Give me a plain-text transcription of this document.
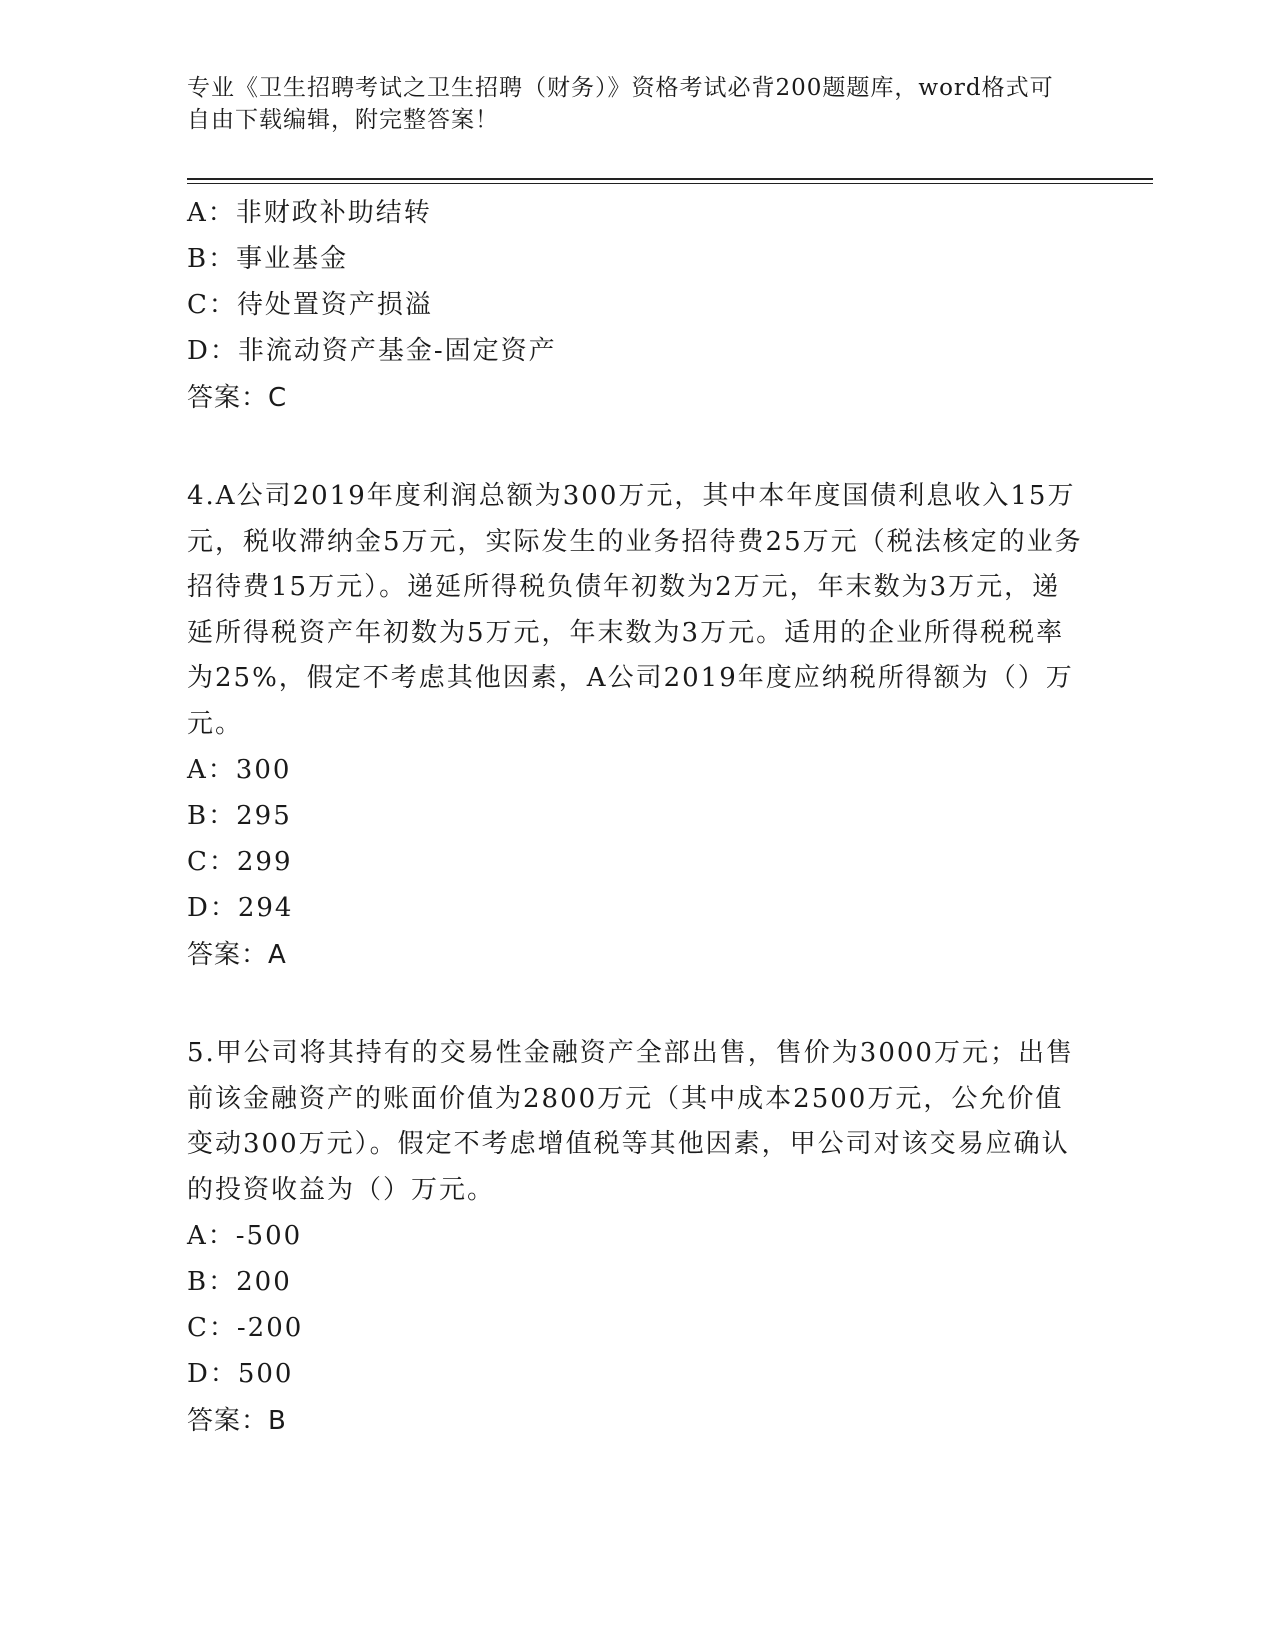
专业《卫生招聘考试之卫生招聘（财务）》资格考试必背200题题库，word格式可自由下载编辑，附完整答案！
A：非财政补助结转
B：事业基金
C：待处置资产损溢
D：非流动资产基金-固定资产
答案：C
4.A公司2019年度利润总额为300万元，其中本年度国债利息收入15万元，税收滞纳金5万元，实际发生的业务招待费25万元（税法核定的业务招待费15万元）。递延所得税负债年初数为2万元，年末数为3万元，递延所得税资产年初数为5万元，年末数为3万元。适用的企业所得税税率为25%，假定不考虑其他因素，A公司2019年度应纳税所得额为（）万元。
A：300
B：295
C：299
D：294
答案：A
5.甲公司将其持有的交易性金融资产全部出售，售价为3000万元；出售前该金融资产的账面价值为2800万元（其中成本2500万元，公允价值变动300万元）。假定不考虑增值税等其他因素，甲公司对该交易应确认的投资收益为（）万元。
A：-500
B：200
C：-200
D：500
答案：B
